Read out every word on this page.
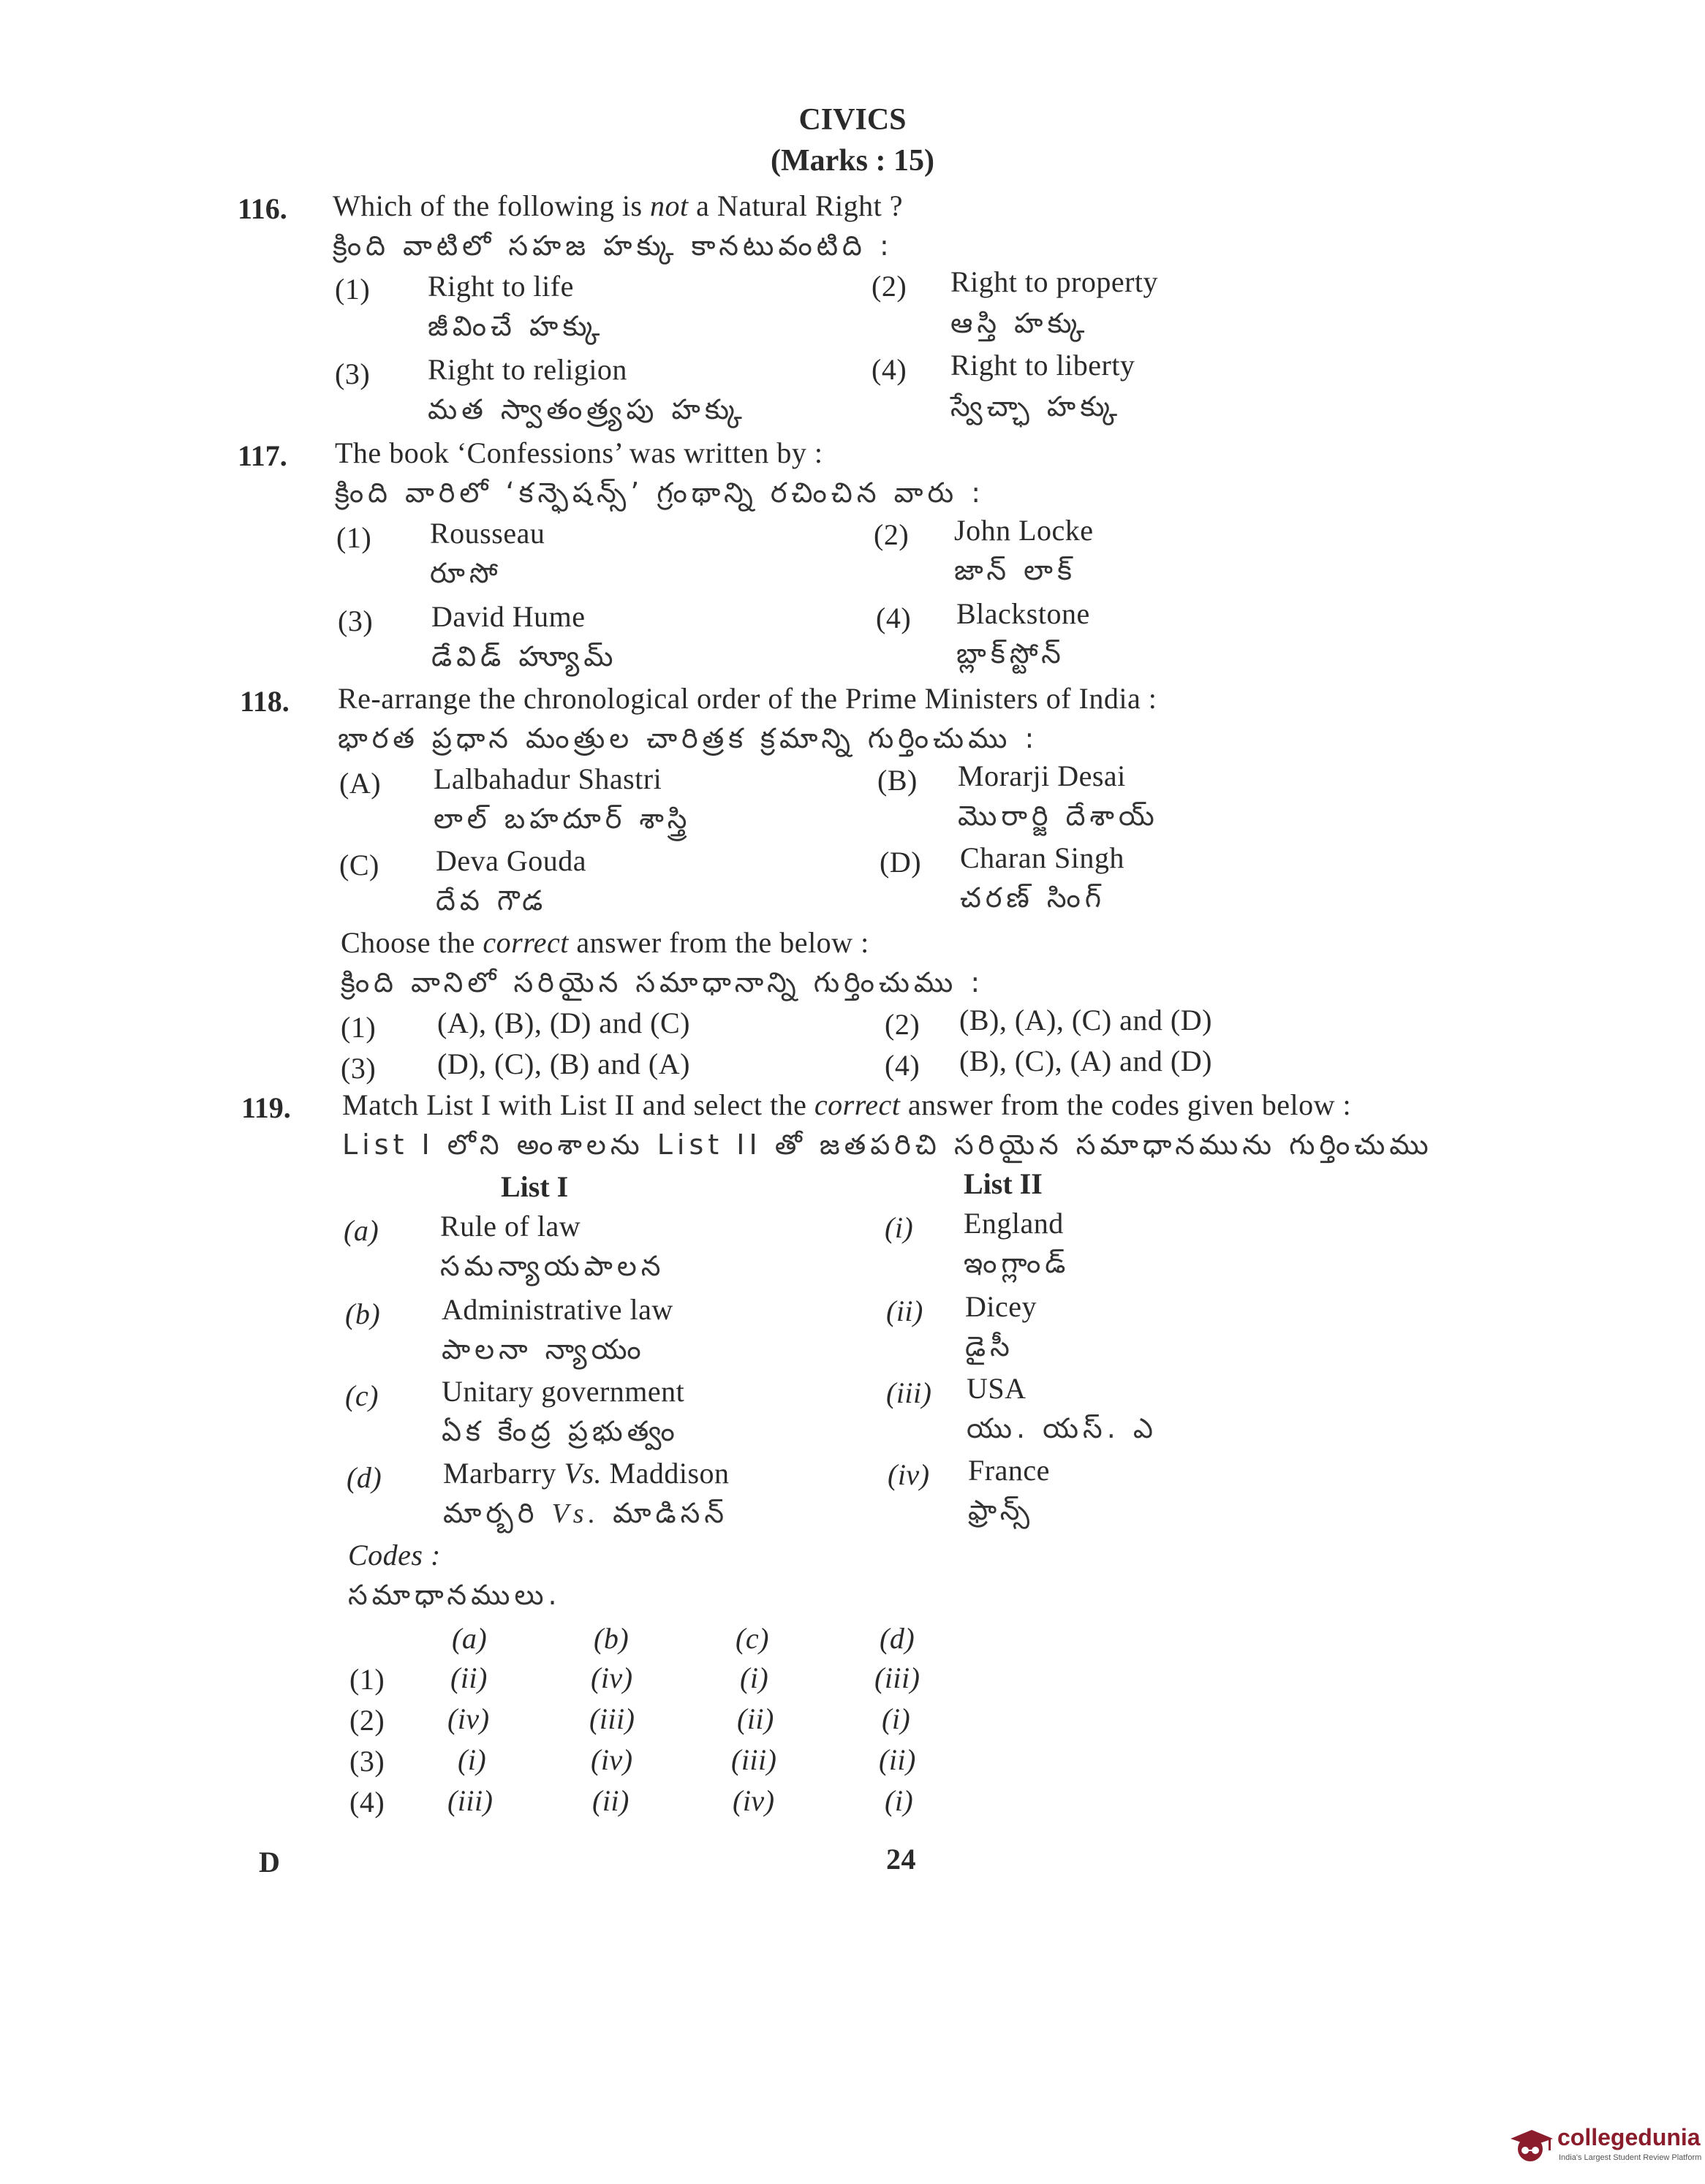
CIVICS
(Marks : 15)
116. Which of the following is not a Natural Right ?
క్రింది వాటిలో సహజ హక్కు కానటువంటిది :
(1) Right to life
జీవించే హక్కు
(2) Right to property
ఆస్తి హక్కు
(3) Right to religion
మత స్వాతంత్ర్యపు హక్కు
(4) Right to liberty
స్వేచ్ఛా హక్కు
117. The book ‘Confessions’ was written by :
క్రింది వారిలో ‘కన్ఫెషన్స్’ గ్రంథాన్ని రచించిన వారు :
(1) Rousseau
రూసో
(2) John Locke
జాన్ లాక్
(3) David Hume
డేవిడ్ హ్యూమ్
(4) Blackstone
బ్లాక్‌స్టోన్
118. Re-arrange the chronological order of the Prime Ministers of India :
భారత ప్రధాన మంత్రుల చారిత్రక క్రమాన్ని గుర్తించుము :
(A) Lalbahadur Shastri
లాల్ బహదూర్ శాస్త్రి
(B) Morarji Desai
మొరార్జి దేశాయ్
(C) Deva Gouda
దేవ గౌడ
(D) Charan Singh
చరణ్ సింగ్
Choose the correct answer from the below :
క్రింది వానిలో సరియైన సమాధానాన్ని గుర్తించుము :
(1) (A), (B), (D) and (C)	(2) (B), (A), (C) and (D)
(3) (D), (C), (B) and (A)	(4) (B), (C), (A) and (D)
119. Match List I with List II and select the correct answer from the codes given below :
List I లోని అంశాలను List II తో జతపరిచి సరియైన సమాధానమును గుర్తించుము
List I	List II
(a) Rule of law
సమన్యాయపాలన
(i) England
ఇంగ్లాండ్
(b) Administrative law
పాలనా న్యాయం
(ii) Dicey
డైసీ
(c) Unitary government
ఏక కేంద్ర ప్రభుత్వం
(iii) USA
యు. యస్. ఎ
(d) Marbarry Vs. Maddison
మార్బరి Vs. మాడిసన్
(iv) France
ఫ్రాన్స్
Codes :
సమాధానములు.
(a)	(b)	(c)	(d)
(1) (ii)	(iv)	(i)	(iii)
(2) (iv)	(iii)	(ii)	(i)
(3) (i)	(iv)	(iii)	(ii)
(4) (iii)	(ii)	(iv)	(i)
D	24
collegedunia
India's Largest Student Review Platform
